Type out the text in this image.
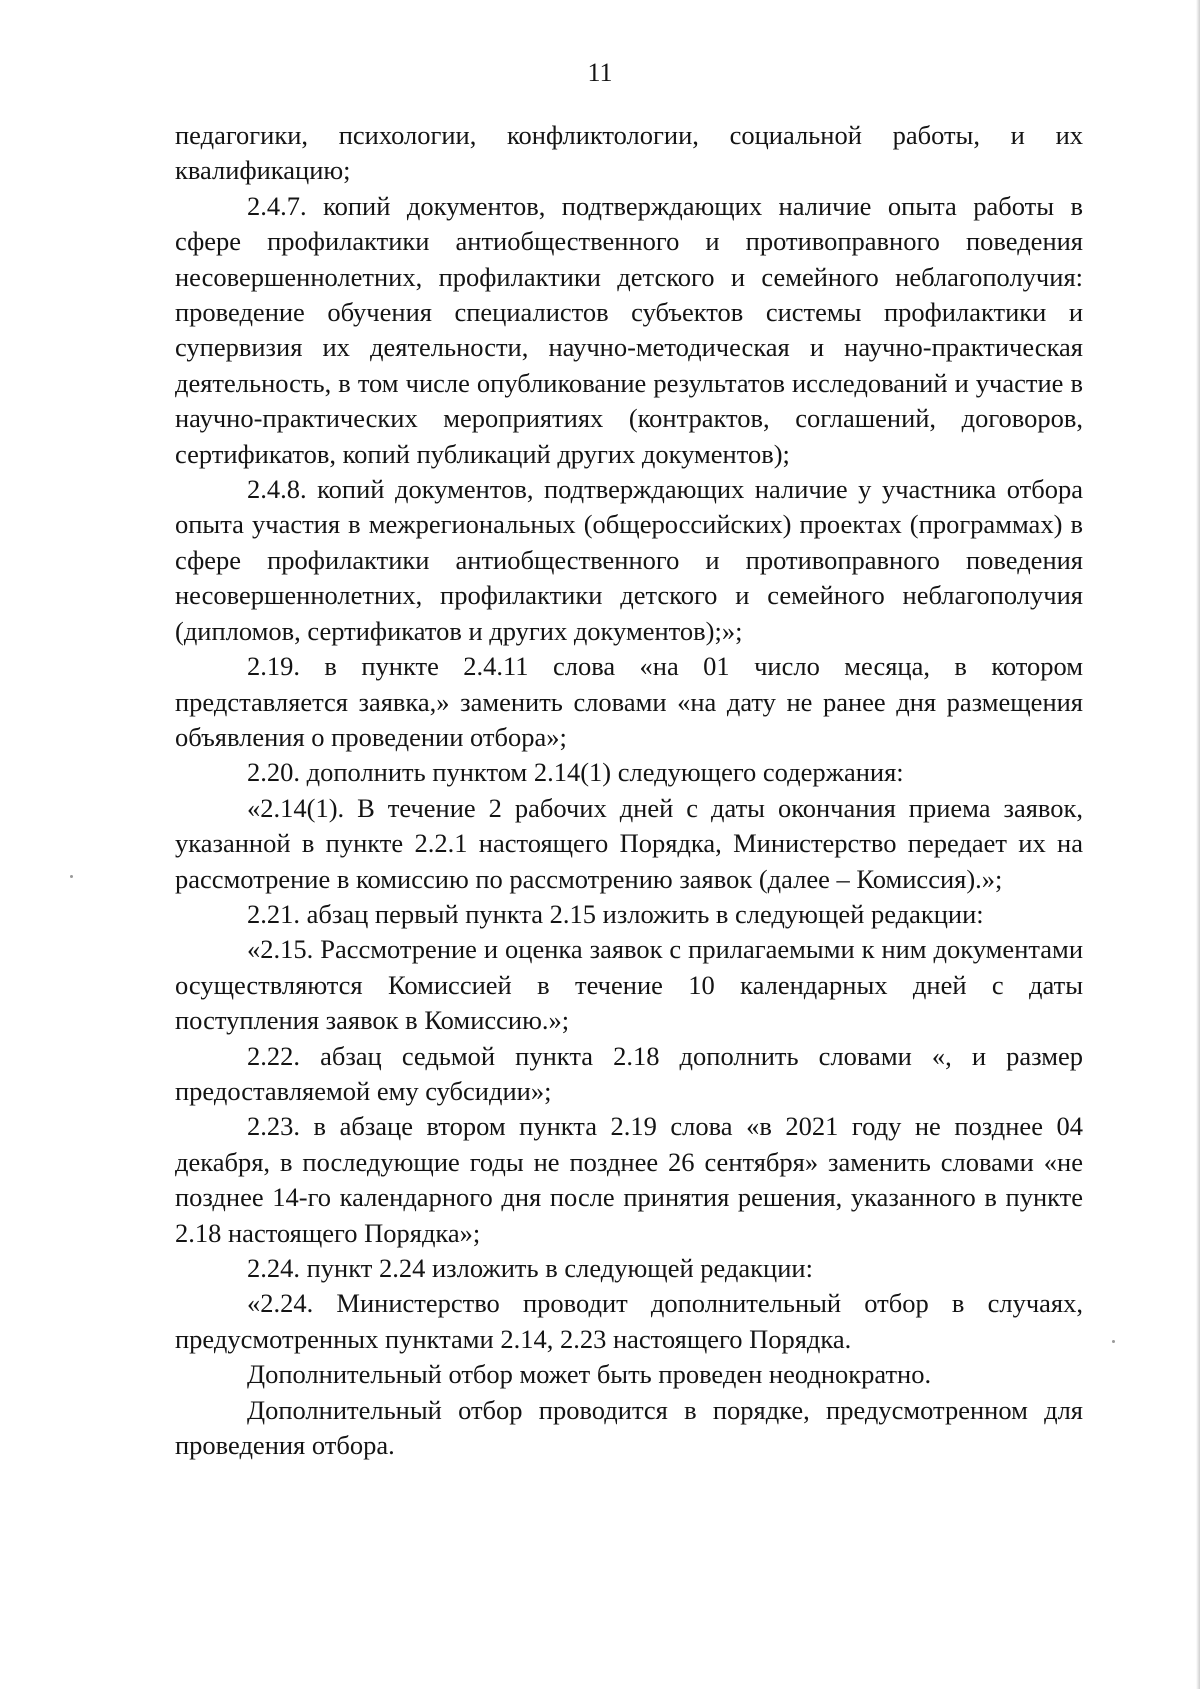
11

педагогики, психологии, конфликтологии, социальной работы, и их квалификацию;

2.4.7. копий документов, подтверждающих наличие опыта работы в сфере профилактики антиобщественного и противоправного поведения несовершеннолетних, профилактики детского и семейного неблагополучия: проведение обучения специалистов субъектов системы профилактики и супервизия их деятельности, научно-методическая и научно-практическая деятельность, в том числе опубликование результатов исследований и участие в научно-практических мероприятиях (контрактов, соглашений, договоров, сертификатов, копий публикаций других документов);

2.4.8. копий документов, подтверждающих наличие у участника отбора опыта участия в межрегиональных (общероссийских) проектах (программах) в сфере профилактики антиобщественного и противоправного поведения несовершеннолетних, профилактики детского и семейного неблагополучия (дипломов, сертификатов и других документов);»;

2.19. в пункте 2.4.11 слова «на 01 число месяца, в котором представляется заявка,» заменить словами «на дату не ранее дня размещения объявления о проведении отбора»;

2.20. дополнить пунктом 2.14(1) следующего содержания:

«2.14(1). В течение 2 рабочих дней с даты окончания приема заявок, указанной в пункте 2.2.1 настоящего Порядка, Министерство передает их на рассмотрение в комиссию по рассмотрению заявок (далее – Комиссия).»;

2.21. абзац первый пункта 2.15 изложить в следующей редакции:

«2.15. Рассмотрение и оценка заявок с прилагаемыми к ним документами осуществляются Комиссией в течение 10 календарных дней с даты поступления заявок в Комиссию.»;

2.22. абзац седьмой пункта 2.18 дополнить словами «, и размер предоставляемой ему субсидии»;

2.23. в абзаце втором пункта 2.19 слова «в 2021 году не позднее 04 декабря, в последующие годы не позднее 26 сентября» заменить словами «не позднее 14-го календарного дня после принятия решения, указанного в пункте 2.18 настоящего Порядка»;

2.24. пункт 2.24 изложить в следующей редакции:

«2.24. Министерство проводит дополнительный отбор в случаях, предусмотренных пунктами 2.14, 2.23 настоящего Порядка.

Дополнительный отбор может быть проведен неоднократно.

Дополнительный отбор проводится в порядке, предусмотренном для проведения отбора.
